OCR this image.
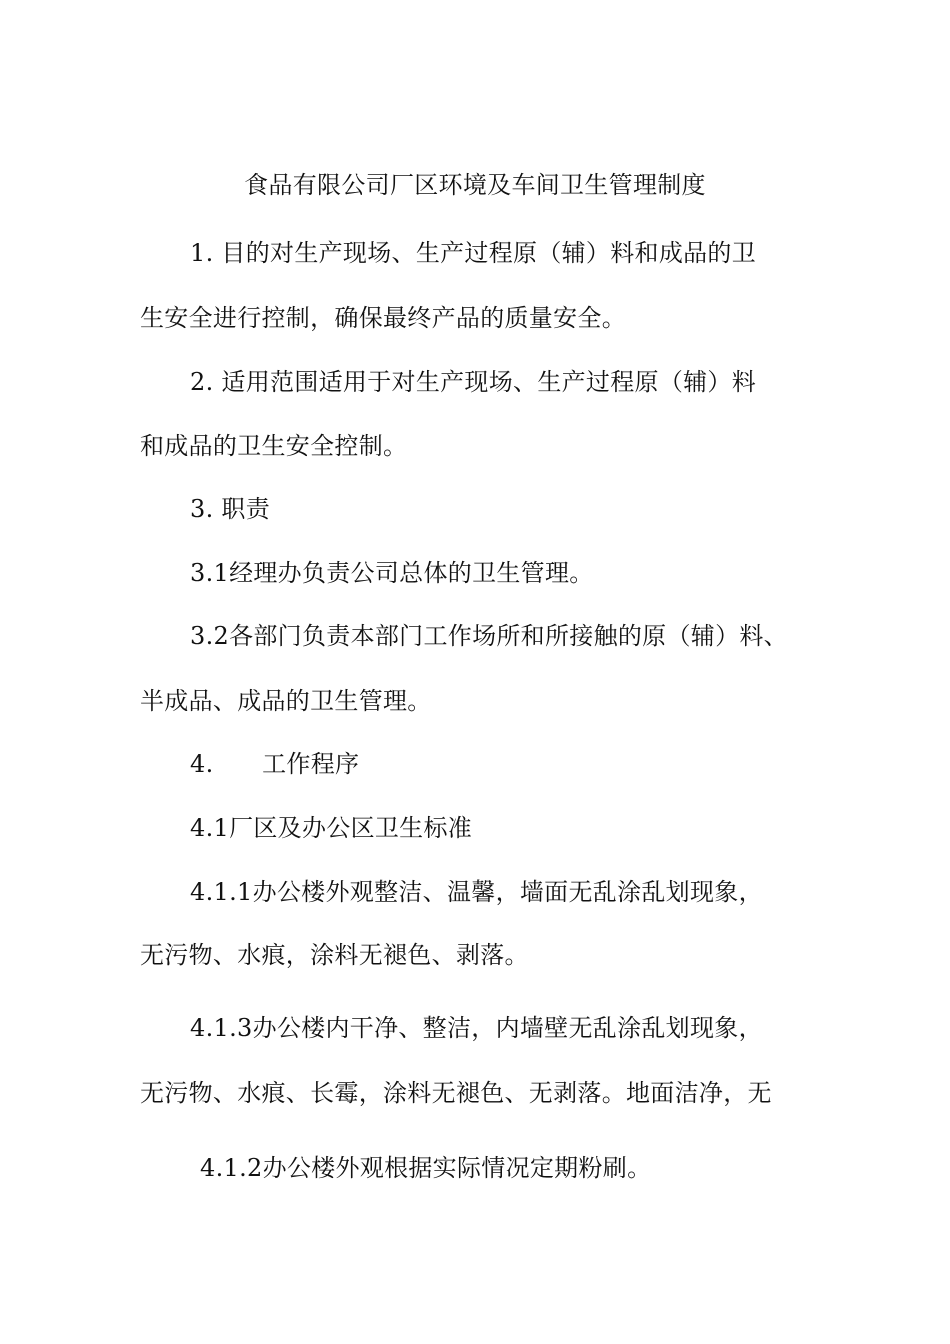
食品有限公司厂区环境及车间卫生管理制度
1. 目的对生产现场、生产过程原（辅）料和成品的卫
生安全进行控制，确保最终产品的质量安全。
2. 适用范围适用于对生产现场、生产过程原（辅）料
和成品的卫生安全控制。
3. 职责
3.1经理办负责公司总体的卫生管理。
3.2各部门负责本部门工作场所和所接触的原（辅）料、
半成品、成品的卫生管理。
4.　　工作程序
4.1厂区及办公区卫生标准
4.1.1办公楼外观整洁、温馨，墙面无乱涂乱划现象，
无污物、水痕，涂料无褪色、剥落。
4.1.3办公楼内干净、整洁，内墙壁无乱涂乱划现象，
无污物、水痕、长霉，涂料无褪色、无剥落。地面洁净，无
4.1.2办公楼外观根据实际情况定期粉刷。
